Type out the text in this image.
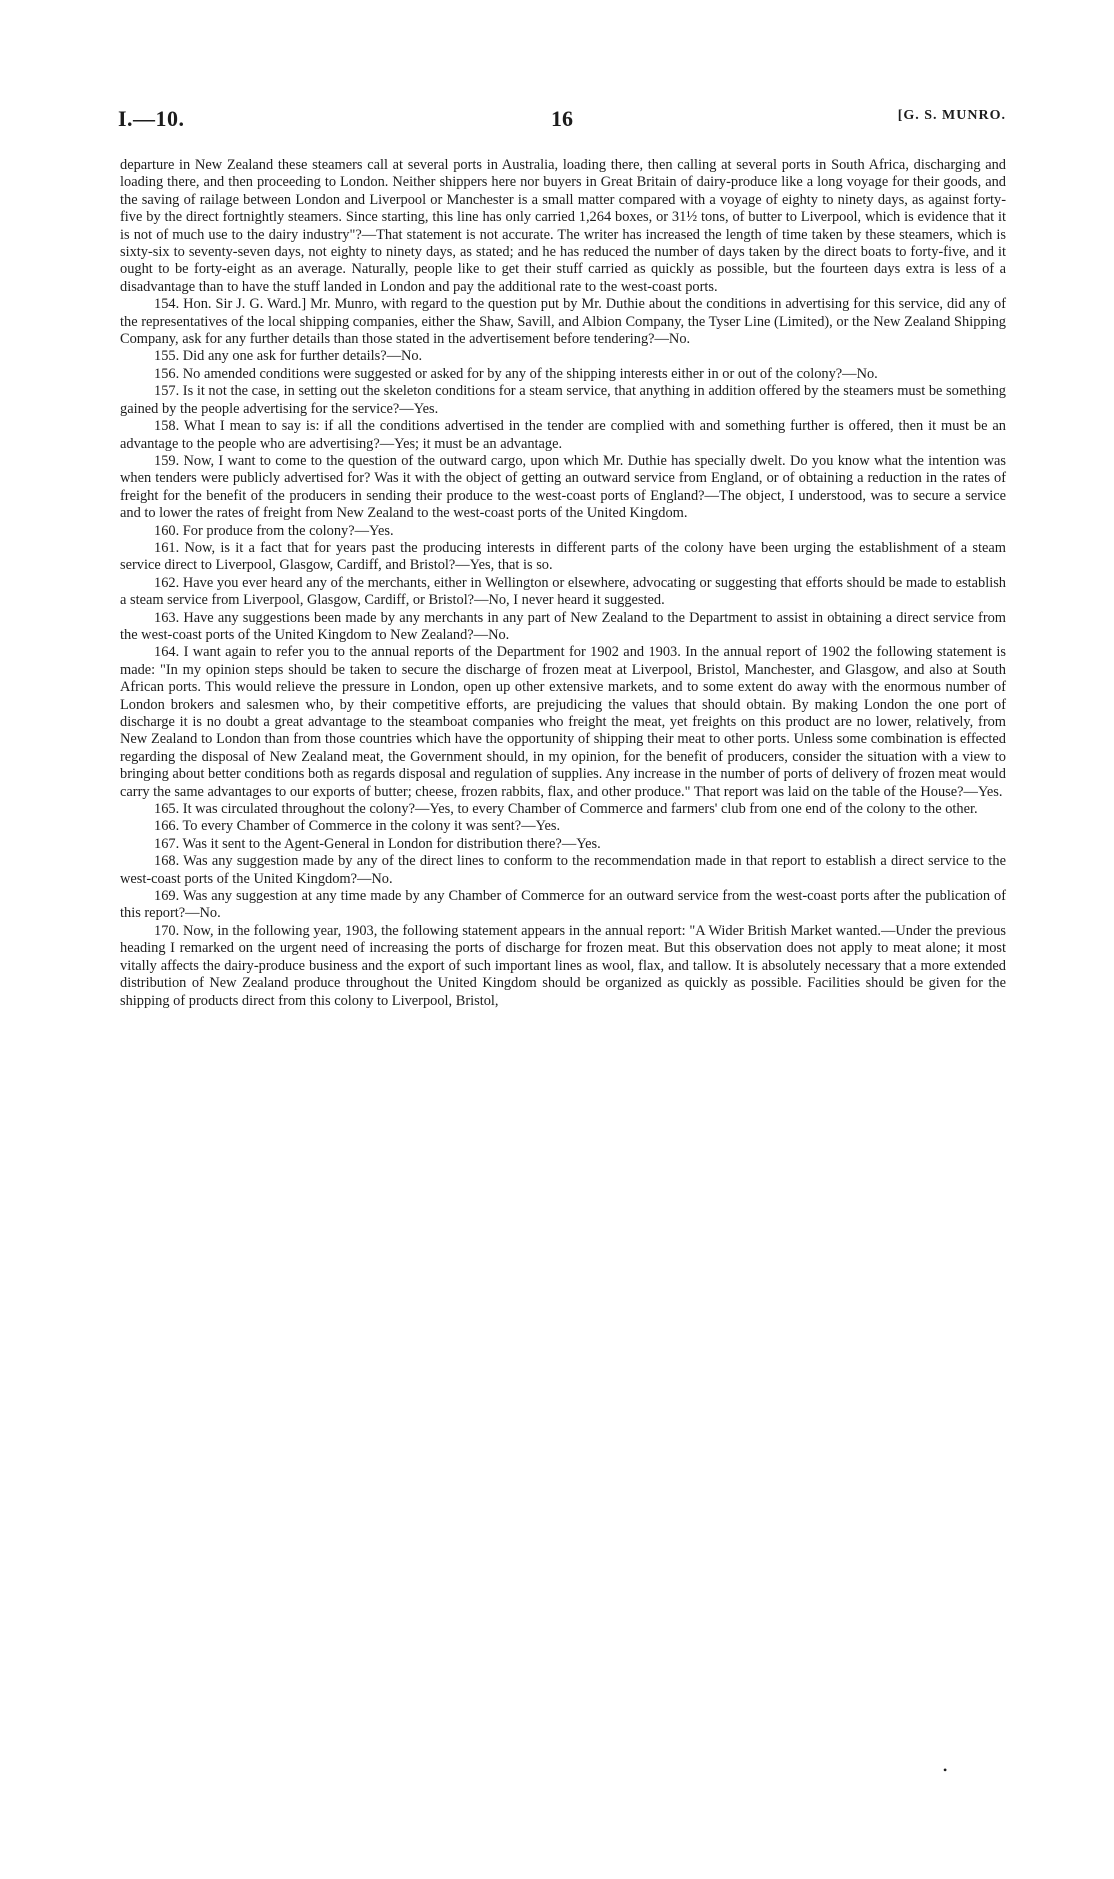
I.—10.	16	[G. S. MUNRO.

departure in New Zealand these steamers call at several ports in Australia, loading there, then calling at several ports in South Africa, discharging and loading there, and then proceeding to London. Neither shippers here nor buyers in Great Britain of dairy-produce like a long voyage for their goods, and the saving of railage between London and Liverpool or Manchester is a small matter compared with a voyage of eighty to ninety days, as against forty-five by the direct fortnightly steamers. Since starting, this line has only carried 1,264 boxes, or 31½ tons, of butter to Liverpool, which is evidence that it is not of much use to the dairy industry"?—That statement is not accurate. The writer has increased the length of time taken by these steamers, which is sixty-six to seventy-seven days, not eighty to ninety days, as stated; and he has reduced the number of days taken by the direct boats to forty-five, and it ought to be forty-eight as an average. Naturally, people like to get their stuff carried as quickly as possible, but the fourteen days extra is less of a disadvantage than to have the stuff landed in London and pay the additional rate to the west-coast ports.

154. Hon. Sir J. G. Ward.] Mr. Munro, with regard to the question put by Mr. Duthie about the conditions in advertising for this service, did any of the representatives of the local shipping companies, either the Shaw, Savill, and Albion Company, the Tyser Line (Limited), or the New Zealand Shipping Company, ask for any further details than those stated in the advertisement before tendering?—No.

155. Did any one ask for further details?—No.

156. No amended conditions were suggested or asked for by any of the shipping interests either in or out of the colony?—No.

157. Is it not the case, in setting out the skeleton conditions for a steam service, that anything in addition offered by the steamers must be something gained by the people advertising for the service?—Yes.

158. What I mean to say is: if all the conditions advertised in the tender are complied with and something further is offered, then it must be an advantage to the people who are advertising?—Yes; it must be an advantage.

159. Now, I want to come to the question of the outward cargo, upon which Mr. Duthie has specially dwelt. Do you know what the intention was when tenders were publicly advertised for? Was it with the object of getting an outward service from England, or of obtaining a reduction in the rates of freight for the benefit of the producers in sending their produce to the west-coast ports of England?—The object, I understood, was to secure a service and to lower the rates of freight from New Zealand to the west-coast ports of the United Kingdom.

160. For produce from the colony?—Yes.

161. Now, is it a fact that for years past the producing interests in different parts of the colony have been urging the establishment of a steam service direct to Liverpool, Glasgow, Cardiff, and Bristol?—Yes, that is so.

162. Have you ever heard any of the merchants, either in Wellington or elsewhere, advocating or suggesting that efforts should be made to establish a steam service from Liverpool, Glasgow, Cardiff, or Bristol?—No, I never heard it suggested.

163. Have any suggestions been made by any merchants in any part of New Zealand to the Department to assist in obtaining a direct service from the west-coast ports of the United Kingdom to New Zealand?—No.

164. I want again to refer you to the annual reports of the Department for 1902 and 1903. In the annual report of 1902 the following statement is made: "In my opinion steps should be taken to secure the discharge of frozen meat at Liverpool, Bristol, Manchester, and Glasgow, and also at South African ports. This would relieve the pressure in London, open up other extensive markets, and to some extent do away with the enormous number of London brokers and salesmen who, by their competitive efforts, are prejudicing the values that should obtain. By making London the one port of discharge it is no doubt a great advantage to the steamboat companies who freight the meat, yet freights on this product are no lower, relatively, from New Zealand to London than from those countries which have the opportunity of shipping their meat to other ports. Unless some combination is effected regarding the disposal of New Zealand meat, the Government should, in my opinion, for the benefit of producers, consider the situation with a view to bringing about better conditions both as regards disposal and regulation of supplies. Any increase in the number of ports of delivery of frozen meat would carry the same advantages to our exports of butter; cheese, frozen rabbits, flax, and other produce." That report was laid on the table of the House?—Yes.

165. It was circulated throughout the colony?—Yes, to every Chamber of Commerce and farmers' club from one end of the colony to the other.

166. To every Chamber of Commerce in the colony it was sent?—Yes.

167. Was it sent to the Agent-General in London for distribution there?—Yes.

168. Was any suggestion made by any of the direct lines to conform to the recommendation made in that report to establish a direct service to the west-coast ports of the United Kingdom?—No.

169. Was any suggestion at any time made by any Chamber of Commerce for an outward service from the west-coast ports after the publication of this report?—No.

170. Now, in the following year, 1903, the following statement appears in the annual report: "A Wider British Market wanted.—Under the previous heading I remarked on the urgent need of increasing the ports of discharge for frozen meat. But this observation does not apply to meat alone; it most vitally affects the dairy-produce business and the export of such important lines as wool, flax, and tallow. It is absolutely necessary that a more extended distribution of New Zealand produce throughout the United Kingdom should be organized as quickly as possible. Facilities should be given for the shipping of products direct from this colony to Liverpool, Bristol,

•
